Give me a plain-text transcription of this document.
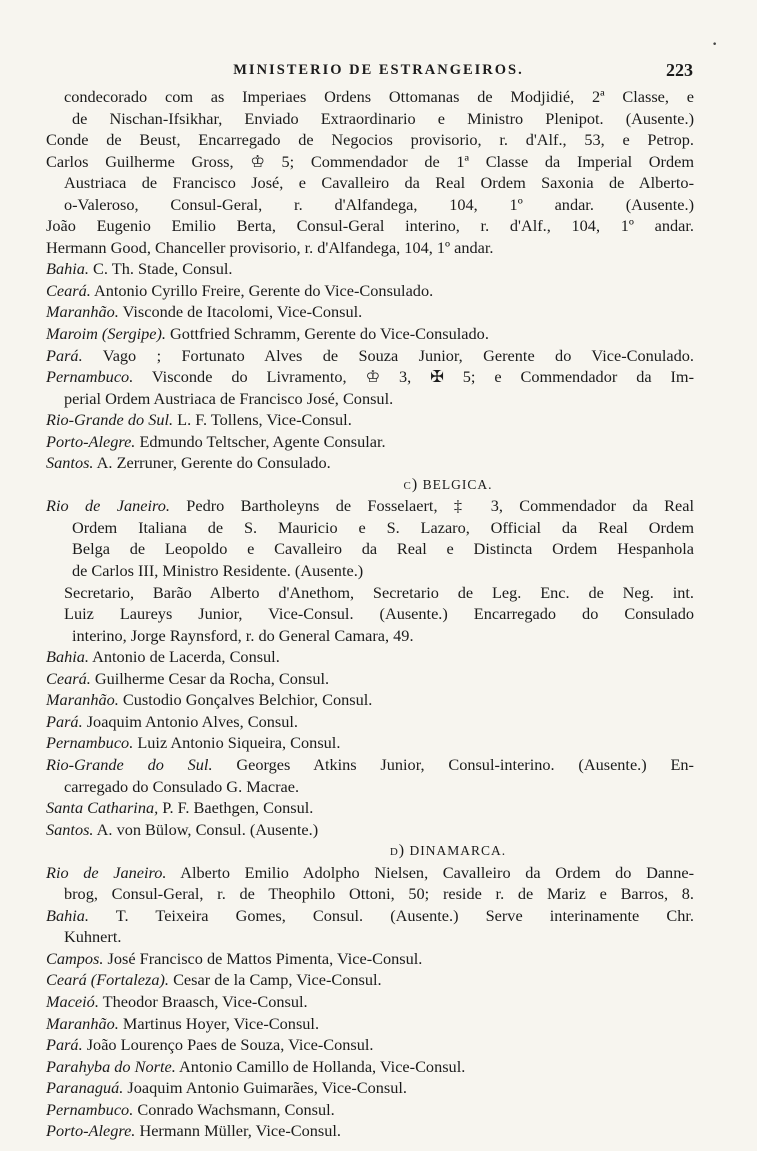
MINISTERIO DE ESTRANGEIROS.	223
condecorado com as Imperiaes Ordens Ottomanas de Modjidié, 2ª Classe, e
de Nischan-Ifsikhar, Enviado Extraordinario e Ministro Plenipot. (Ausente.)
Conde de Beust, Encarregado de Negocios provisorio, r. d'Alf., 53, e Petrop.
Carlos Guilherme Gross, ♔ 5; Commendador de 1ª Classe da Imperial Ordem
Austriaca de Francisco José, e Cavalleiro da Real Ordem Saxonia de Alberto-
o-Valeroso, Consul-Geral, r. d'Alfandega, 104, 1º andar. (Ausente.)
João Eugenio Emilio Berta, Consul-Geral interino, r. d'Alf., 104, 1º andar.
Hermann Good, Chanceller provisorio, r. d'Alfandega, 104, 1º andar.
Bahia. C. Th. Stade, Consul.
Ceará. Antonio Cyrillo Freire, Gerente do Vice-Consulado.
Maranhão. Visconde de Itacolomi, Vice-Consul.
Maroim (Sergipe). Gottfried Schramm, Gerente do Vice-Consulado.
Pará. Vago ; Fortunato Alves de Souza Junior, Gerente do Vice-Conulado.
Pernambuco. Visconde do Livramento, ♔ 3, ✠ 5; e Commendador da Im-
perial Ordem Austriaca de Francisco José, Consul.
Rio-Grande do Sul. L. F. Tollens, Vice-Consul.
Porto-Alegre. Edmundo Teltscher, Agente Consular.
Santos. A. Zerruner, Gerente do Consulado.
c) BELGICA.
Rio de Janeiro. Pedro Bartholeyns de Fosselaert, ‡ 3, Commendador da Real
Ordem Italiana de S. Mauricio e S. Lazaro, Official da Real Ordem
Belga de Leopoldo e Cavalleiro da Real e Distincta Ordem Hespanhola
de Carlos III, Ministro Residente. (Ausente.)
Secretario, Barão Alberto d'Anethom, Secretario de Leg. Enc. de Neg. int.
Luiz Laureys Junior, Vice-Consul. (Ausente.) Encarregado do Consulado
interino, Jorge Raynsford, r. do General Camara, 49.
Bahia. Antonio de Lacerda, Consul.
Ceará. Guilherme Cesar da Rocha, Consul.
Maranhão. Custodio Gonçalves Belchior, Consul.
Pará. Joaquim Antonio Alves, Consul.
Pernambuco. Luiz Antonio Siqueira, Consul.
Rio-Grande do Sul. Georges Atkins Junior, Consul-interino. (Ausente.) En-
carregado do Consulado G. Macrae.
Santa Catharina, P. F. Baethgen, Consul.
Santos. A. von Bülow, Consul. (Ausente.)
d) DINAMARCA.
Rio de Janeiro. Alberto Emilio Adolpho Nielsen, Cavalleiro da Ordem do Danne-
brog, Consul-Geral, r. de Theophilo Ottoni, 50; reside r. de Mariz e Barros, 8.
Bahia. T. Teixeira Gomes, Consul. (Ausente.) Serve interinamente Chr.
Kuhnert.
Campos. José Francisco de Mattos Pimenta, Vice-Consul.
Ceará (Fortaleza). Cesar de la Camp, Vice-Consul.
Maceió. Theodor Braasch, Vice-Consul.
Maranhão. Martinus Hoyer, Vice-Consul.
Pará. João Lourenço Paes de Souza, Vice-Consul.
Parahyba do Norte. Antonio Camillo de Hollanda, Vice-Consul.
Paranaguá. Joaquim Antonio Guimarães, Vice-Consul.
Pernambuco. Conrado Wachsmann, Consul.
Porto-Alegre. Hermann Müller, Vice-Consul.
•
